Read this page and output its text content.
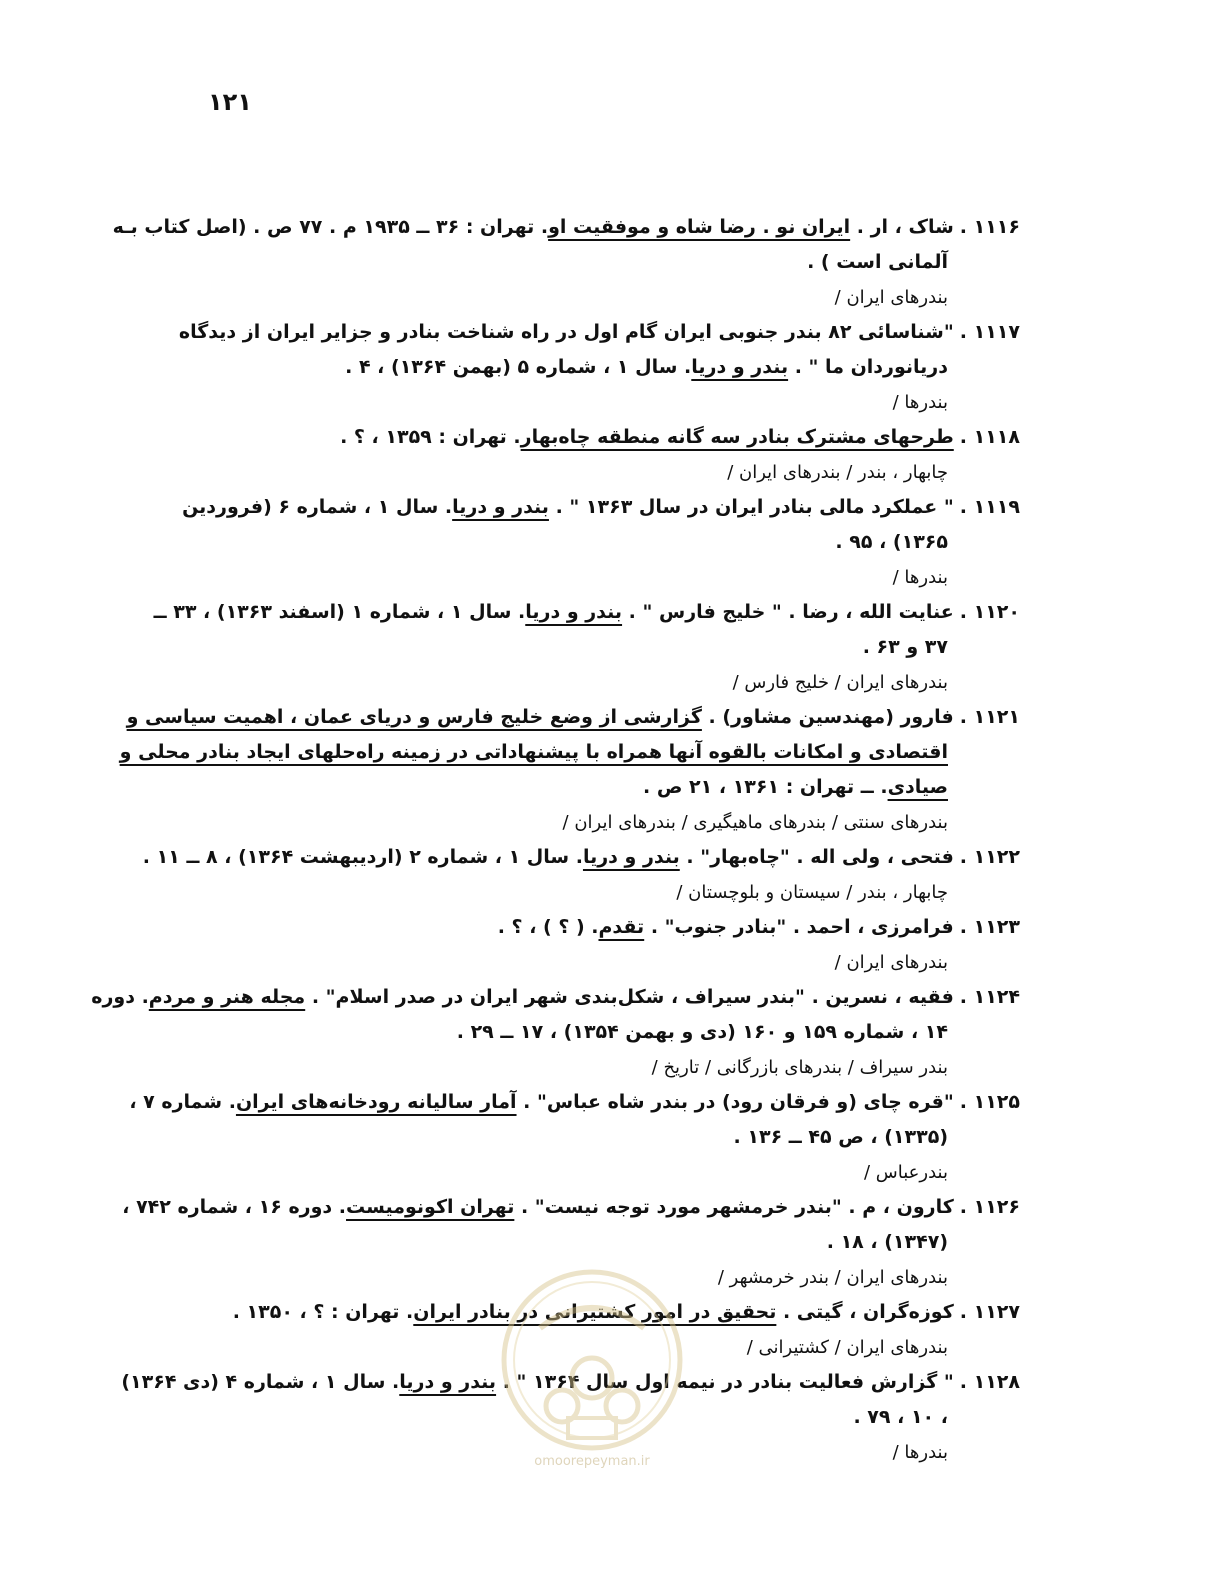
۱۲۱
۱۱۱۶ .شاک ، ار . ایران نو . رضا شاه و موفقیت او. تهران : ۳۶ ــ ۱۹۳۵ م . ۷۷ ص . (اصل کتاب بـه
آلمانی است ) .
بندرهای ایران /
۱۱۱۷ ."شناسائی ۸۲ بندر جنوبی ایران گام اول در راه شناخت بنادر و جزایر ایران از دیدگاه
دریانوردان ما " . بندر و دریا. سال ۱ ، شماره ۵ (بهمن ۱۳۶۴) ، ۴ .
بندرها /
۱۱۱۸ .طرحهای مشترک بنادر سه گانه منطقه چاه‌بهار. تهران : ۱۳۵۹ ، ؟ .
چابهار ، بندر / بندرهای ایران /
۱۱۱۹ ." عملکرد مالی بنادر ایران در سال ۱۳۶۳ " . بندر و دریا. سال ۱ ، شماره ۶ (فروردین
۱۳۶۵) ، ۹۵ .
بندرها /
۱۱۲۰ .عنایت الله ، رضا . " خلیج فارس " . بندر و دریا. سال ۱ ، شماره ۱ (اسفند ۱۳۶۳) ، ۳۳ ــ
۳۷ و ۶۳ .
بندرهای ایران / خلیج فارس /
۱۱۲۱ .فارور (مهندسین مشاور) . گزارشی از وضع خلیج فارس و دریای عمان ، اهمیت سیاسی و
اقتصادی و امکانات بالقوه آنها همراه با پیشنهاداتی در زمینه راه‌حلهای ایجاد بنادر محلی و
صیادی. ــ تهران : ۱۳۶۱ ، ۲۱ ص .
بندرهای سنتی / بندرهای ماهیگیری / بندرهای ایران /
۱۱۲۲ .فتحی ، ولی اله . "چاه‌بهار" . بندر و دریا. سال ۱ ، شماره ۲ (اردیبهشت ۱۳۶۴) ، ۸ ــ ۱۱ .
چابهار ، بندر / سیستان و بلوچستان /
۱۱۲۳ .فرامرزی ، احمد . "بنادر جنوب" . تقدم. ( ؟ ) ، ؟ .
بندرهای ایران /
۱۱۲۴ .فقیه ، نسرین . "بندر سیراف ، شکل‌بندی شهر ایران در صدر اسلام" . مجله هنر و مردم. دوره
۱۴ ، شماره ۱۵۹ و ۱۶۰ (دی و بهمن ۱۳۵۴) ، ۱۷ ــ ۲۹ .
بندر سیراف / بندرهای بازرگانی / تاریخ /
۱۱۲۵ ."قره چای (و فرقان رود) در بندر شاه عباس" . آمار سالیانه رودخانه‌های ایران. شماره ۷ ،
(۱۳۳۵) ، ص ۴۵ ــ ۱۳۶ .
بندرعباس /
۱۱۲۶ .کارون ، م . "بندر خرمشهر مورد توجه نیست" . تهران اکونومیست. دوره ۱۶ ، شماره ۷۴۲ ،
(۱۳۴۷) ، ۱۸ .
بندرهای ایران / بندر خرمشهر /
۱۱۲۷ .کوزه‌گران ، گیتی . تحقیق در امور کشتیرانی در بنادر ایران. تهران : ؟ ، ۱۳۵۰ .
بندرهای ایران / کشتیرانی /
۱۱۲۸ ." گزارش فعالیت بنادر در نیمه اول سال ۱۳۶۴ " . بندر و دریا. سال ۱ ، شماره ۴ (دی ۱۳۶۴)
، ۱۰ ، ۷۹ .
بندرها /
omoorepeyman.ir
